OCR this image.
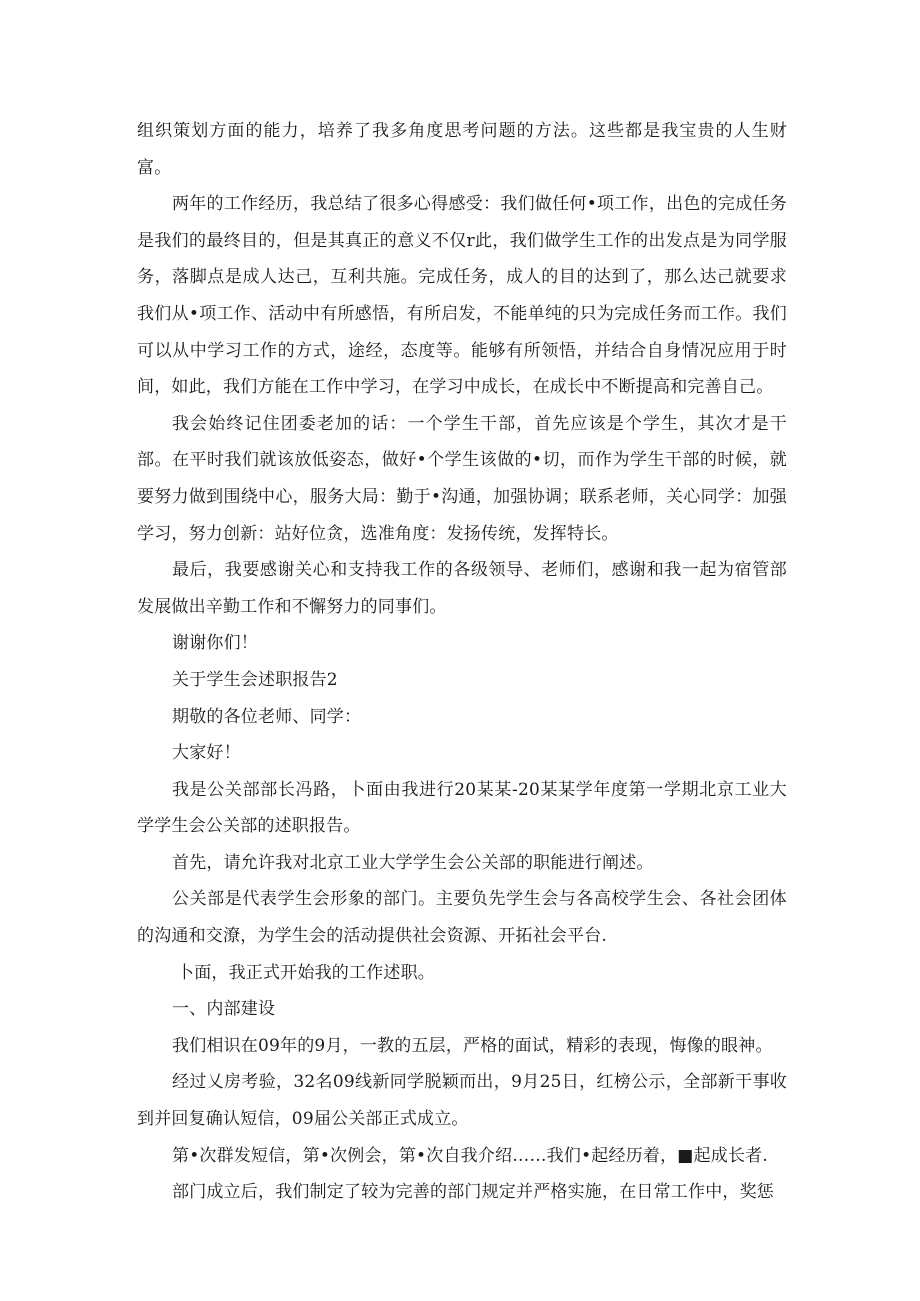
组织策划方面的能力，培养了我多角度思考问题的方法。这些都是我宝贵的人生财富。

两年的工作经历，我总结了很多心得感受：我们做任何•项工作，出色的完成任务是我们的最终目的，但是其真正的意义不仅r此，我们做学生工作的出发点是为同学服务，落脚点是成人达己，互利共施。完成任务，成人的目的达到了，那么达己就要求我们从•项工作、活动中有所感悟，有所启发，不能单纯的只为完成任务而工作。我们可以从中学习工作的方式，途经，态度等。能够有所领悟，并结合自身情况应用于时间，如此，我们方能在工作中学习，在学习中成长，在成长中不断提高和完善自己。

我会始终记住团委老加的话：一个学生干部，首先应该是个学生，其次才是干部。在平时我们就该放低姿态，做好•个学生该做的•切，而作为学生干部的时候，就要努力做到围绕中心，服务大局：勤于•沟通，加强协调；联系老师，关心同学：加强学习，努力创新：站好位贪，选准角度：发扬传统，发挥特长。

最后，我要感谢关心和支持我工作的各级领导、老师们，感谢和我一起为宿管部发展做出辛勤工作和不懈努力的同事们。

谢谢你们！

关于学生会述职报告2

期敬的各位老师、同学：

大家好！

我是公关部部长冯路，卜面由我进行20某某-20某某学年度第一学期北京工业大学学生会公关部的述职报告。

首先，请允许我对北京工业大学学生会公关部的职能进行阐述。

公关部是代表学生会形象的部门。主要负先学生会与各高校学生会、各社会团体的沟通和交潦，为学生会的活动提供社会资源、开拓社会平台.

卜面，我正式开始我的工作述职。

一、内部建设

我们相识在09年的9月，一教的五层，严格的面试，精彩的表现，悔像的眼神。

经过乂房考验，32名09线新同学脱颖而出，9月25日，红榜公示，全部新干事收到并回复确认短信，09届公关部正式成立。

第•次群发短信，第•次例会，第•次自我介绍……我们•起经历着，■起成长者.

部门成立后，我们制定了较为完善的部门规定并严格实施，在日常工作中，奖惩
